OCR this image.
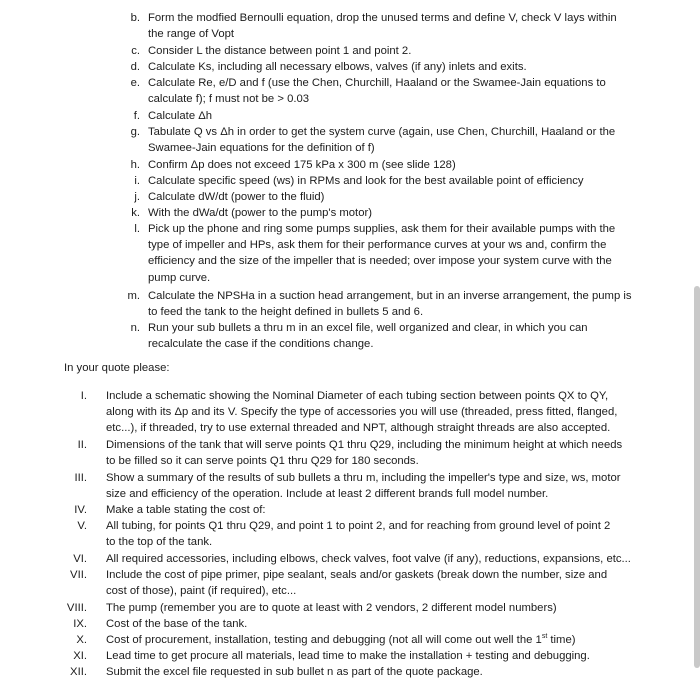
b. Form the modfied Bernoulli equation, drop the unused terms and define V, check V lays within
the range of Vopt
c. Consider L the distance between point 1 and point 2.
d. Calculate Ks, including all necessary elbows, valves (if any) inlets and exits.
e. Calculate Re, e/D and f (use the Chen, Churchill, Haaland or the Swamee-Jain equations to
calculate f); f must not be > 0.03
f. Calculate Δh
g. Tabulate Q vs Δh in order to get the system curve (again, use Chen, Churchill, Haaland or the
Swamee-Jain equations for the definition of f)
h. Confirm Δp does not exceed 175 kPa x 300 m (see slide 128)
i. Calculate specific speed (ws) in RPMs and look for the best available point of efficiency
j. Calculate dW/dt (power to the fluid)
k. With the dWa/dt (power to the pump's motor)
l. Pick up the phone and ring some pumps supplies, ask them for their available pumps with the
type of impeller and HPs, ask them for their performance curves at your ws and, confirm the
efficiency and the size of the impeller that is needed; over impose your system curve with the
pump curve.
m. Calculate the NPSHa in a suction head arrangement, but in an inverse arrangement, the pump is
to feed the tank to the height defined in bullets 5 and 6.
n. Run your sub bullets a thru m in an excel file, well organized and clear, in which you can
recalculate the case if the conditions change.
In your quote please:
I. Include a schematic showing the Nominal Diameter of each tubing section between points QX to QY,
along with its Δp and its V. Specify the type of accessories you will use (threaded, press fitted, flanged,
etc...), if threaded, try to use external threaded and NPT, although straight threads are also accepted.
II. Dimensions of the tank that will serve points Q1 thru Q29, including the minimum height at which needs
to be filled so it can serve points Q1 thru Q29 for 180 seconds.
III. Show a summary of the results of sub bullets a thru m, including the impeller's type and size, ws, motor
size and efficiency of the operation. Include at least 2 different brands full model number.
IV. Make a table stating the cost of:
V. All tubing, for points Q1 thru Q29, and point 1 to point 2, and for reaching from ground level of point 2
to the top of the tank.
VI. All required accessories, including elbows, check valves, foot valve (if any), reductions, expansions, etc...
VII. Include the cost of pipe primer, pipe sealant, seals and/or gaskets (break down the number, size and
cost of those), paint (if required), etc...
VIII. The pump (remember you are to quote at least with 2 vendors, 2 different model numbers)
IX. Cost of the base of the tank.
X. Cost of procurement, installation, testing and debugging (not all will come out well the 1st time)
XI. Lead time to get procure all materials, lead time to make the installation + testing and debugging.
XII. Submit the excel file requested in sub bullet n as part of the quote package.
